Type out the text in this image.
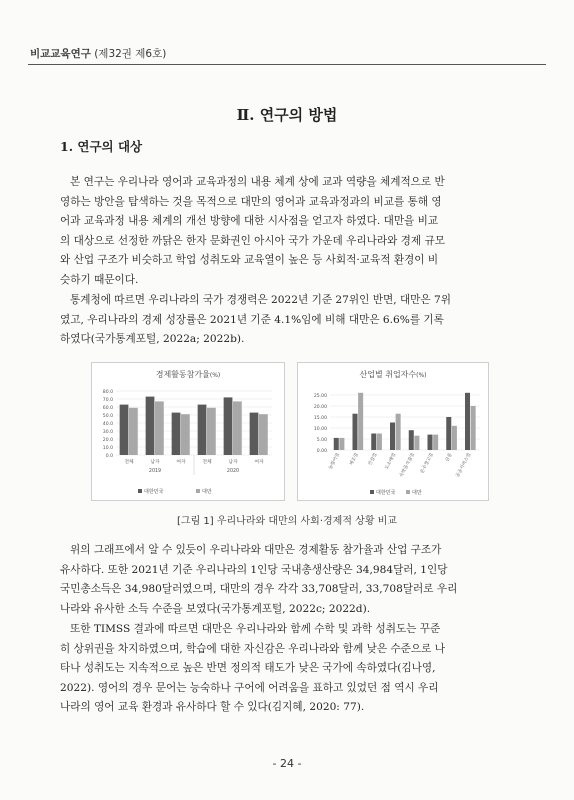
비교교육연구 (제32권 제6호)
Ⅱ. 연구의 방법
1. 연구의 대상
본 연구는 우리나라 영어과 교육과정의 내용 체계 상에 교과 역량을 체계적으로 반
영하는 방안을 탐색하는 것을 목적으로 대만의 영어과 교육과정과의 비교를 통해 영
어과 교육과정 내용 체계의 개선 방향에 대한 시사점을 얻고자 하였다. 대만을 비교
의 대상으로 선정한 까닭은 한자 문화권인 아시아 국가 가운데 우리나라와 경제 규모
와 산업 구조가 비슷하고 학업 성취도와 교육열이 높은 등 사회적·교육적 환경이 비
슷하기 때문이다.
통계청에 따르면 우리나라의 국가 경쟁력은 2022년 기준 27위인 반면, 대만은 7위
였고, 우리나라의 경제 성장률은 2021년 기준 4.1%임에 비해 대만은 6.6%를 기록
하였다(국가통계포털, 2022a; 2022b).
경제활동참가율(%)
0.0
10.0
20.0
30.0
40.0
50.0
60.0
70.0
80.0
전체	남자	여자	전체	남자	여자
2019	2020
대한민국	대만
산업별 취업자수(%)
0.00
5.00
10.00
15.00
20.00
25.00
농림어업	제조업	건설업	도소매업 숙박음식점업 운수창고업	금융 공공서비스업
대한민국	대만
[그림 1] 우리나라와 대만의 사회·경제적 상황 비교
위의 그래프에서 알 수 있듯이 우리나라와 대만은 경제활동 참가율과 산업 구조가
유사하다. 또한 2021년 기준 우리나라의 1인당 국내총생산량은 34,984달러, 1인당
국민총소득은 34,980달러였으며, 대만의 경우 각각 33,708달러, 33,708달러로 우리
나라와 유사한 소득 수준을 보였다(국가통계포털, 2022c; 2022d).
또한 TIMSS 결과에 따르면 대만은 우리나라와 함께 수학 및 과학 성취도는 꾸준
히 상위권을 차지하였으며, 학습에 대한 자신감은 우리나라와 함께 낮은 수준으로 나
타나 성취도는 지속적으로 높은 반면 정의적 태도가 낮은 국가에 속하였다(김나영,
2022). 영어의 경우 문어는 능숙하나 구어에 어려움을 표하고 있었던 점 역시 우리
나라의 영어 교육 환경과 유사하다 할 수 있다(김지혜, 2020: 77).
- 24 -
